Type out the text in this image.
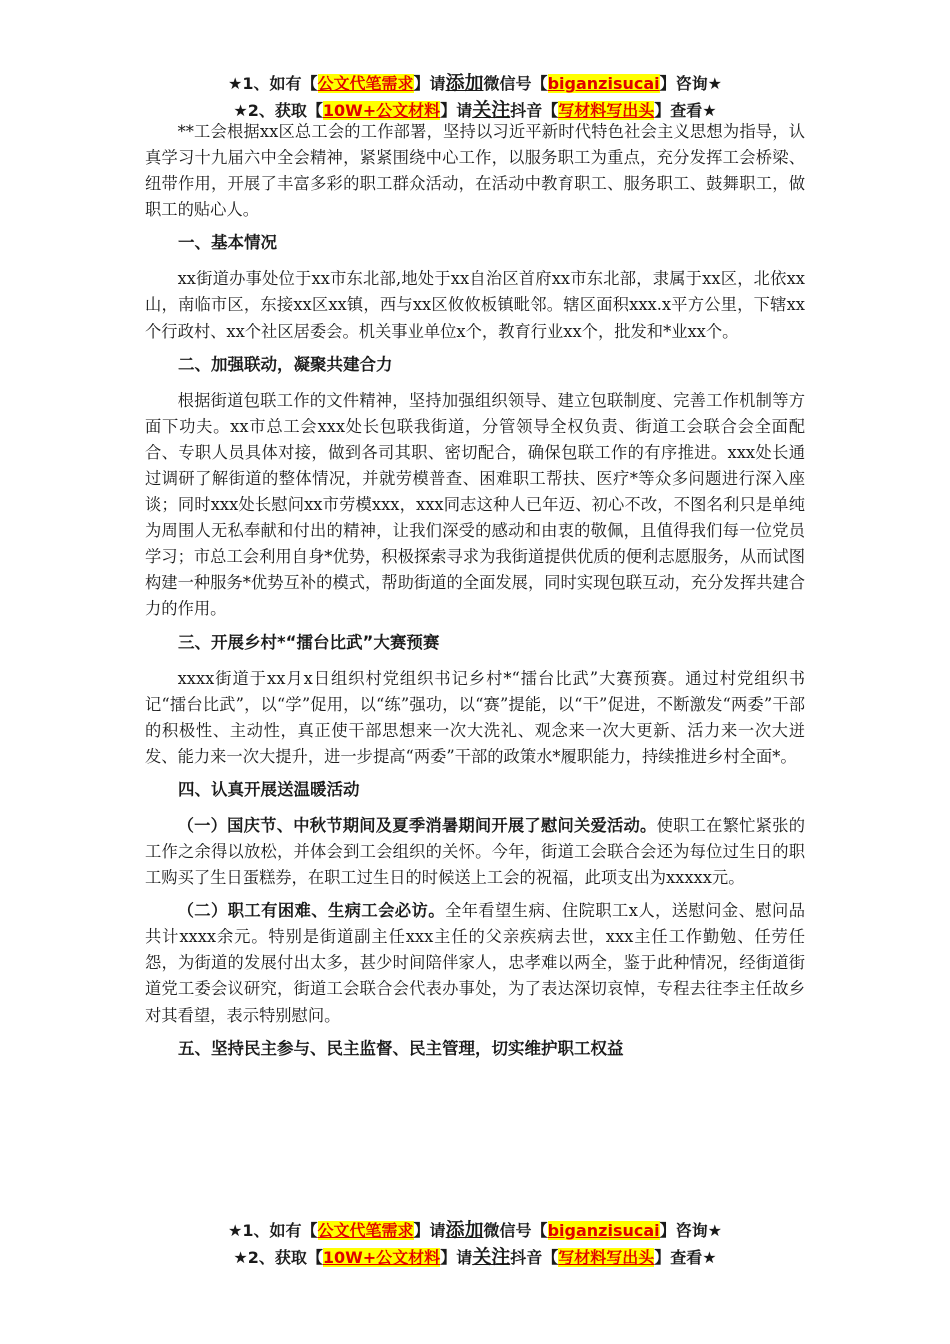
★1、如有【公文代笔需求】请添加微信号【biganzisucai】咨询★
★2、获取【10W+公文材料】请关注抖音【写材料写出头】查看★

**工会根据xx区总工会的工作部署，坚持以习近平新时代特色社会主义思想为指导，认真学习十九届六中全会精神，紧紧围绕中心工作，以服务职工为重点，充分发挥工会桥梁、纽带作用，开展了丰富多彩的职工群众活动，在活动中教育职工、服务职工、鼓舞职工，做职工的贴心人。

一、基本情况

xx街道办事处位于xx市东北部,地处于xx自治区首府xx市东北部，隶属于xx区，北依xx山，南临市区，东接xx区xx镇，西与xx区攸攸板镇毗邻。辖区面积xxx.x平方公里，下辖xx个行政村、xx个社区居委会。机关事业单位x个，教育行业xx个，批发和*业xx个。

二、加强联动，凝聚共建合力

根据街道包联工作的文件精神，坚持加强组织领导、建立包联制度、完善工作机制等方面下功夫。xx市总工会xxx处长包联我街道，分管领导全权负责、街道工会联合会全面配合、专职人员具体对接，做到各司其职、密切配合，确保包联工作的有序推进。xxx处长通过调研了解街道的整体情况，并就劳模普查、困难职工帮扶、医疗*等众多问题进行深入座谈；同时xxx处长慰问xx市劳模xxx，xxx同志这种人已年迈、初心不改，不图名利只是单纯为周围人无私奉献和付出的精神，让我们深受的感动和由衷的敬佩，且值得我们每一位党员学习；市总工会利用自身*优势，积极探索寻求为我街道提供优质的便利志愿服务，从而试图构建一种服务*优势互补的模式，帮助街道的全面发展，同时实现包联互动，充分发挥共建合力的作用。

三、开展乡村*“擂台比武”大赛预赛

xxxx街道于xx月x日组织村党组织书记乡村*“擂台比武”大赛预赛。通过村党组织书记“擂台比武”，以“学”促用，以“练”强功，以“赛”提能，以“干”促进，不断激发“两委”干部的积极性、主动性，真正使干部思想来一次大洗礼、观念来一次大更新、活力来一次大迸发、能力来一次大提升，进一步提高“两委”干部的政策水*履职能力，持续推进乡村全面*。

四、认真开展送温暖活动

（一）国庆节、中秋节期间及夏季消暑期间开展了慰问关爱活动。使职工在繁忙紧张的工作之余得以放松，并体会到工会组织的关怀。今年，街道工会联合会还为每位过生日的职工购买了生日蛋糕券，在职工过生日的时候送上工会的祝福，此项支出为xxxxx元。

（二）职工有困难、生病工会必访。全年看望生病、住院职工x人，送慰问金、慰问品共计xxxx余元。特别是街道副主任xxx主任的父亲疾病去世，xxx主任工作勤勉、任劳任怨，为街道的发展付出太多，甚少时间陪伴家人，忠孝难以两全，鉴于此种情况，经街道街道党工委会议研究，街道工会联合会代表办事处，为了表达深切哀悼，专程去往李主任故乡对其看望，表示特别慰问。

五、坚持民主参与、民主监督、民主管理，切实维护职工权益
★1、如有【公文代笔需求】请添加微信号【biganzisucai】咨询★
★2、获取【10W+公文材料】请关注抖音【写材料写出头】查看★
